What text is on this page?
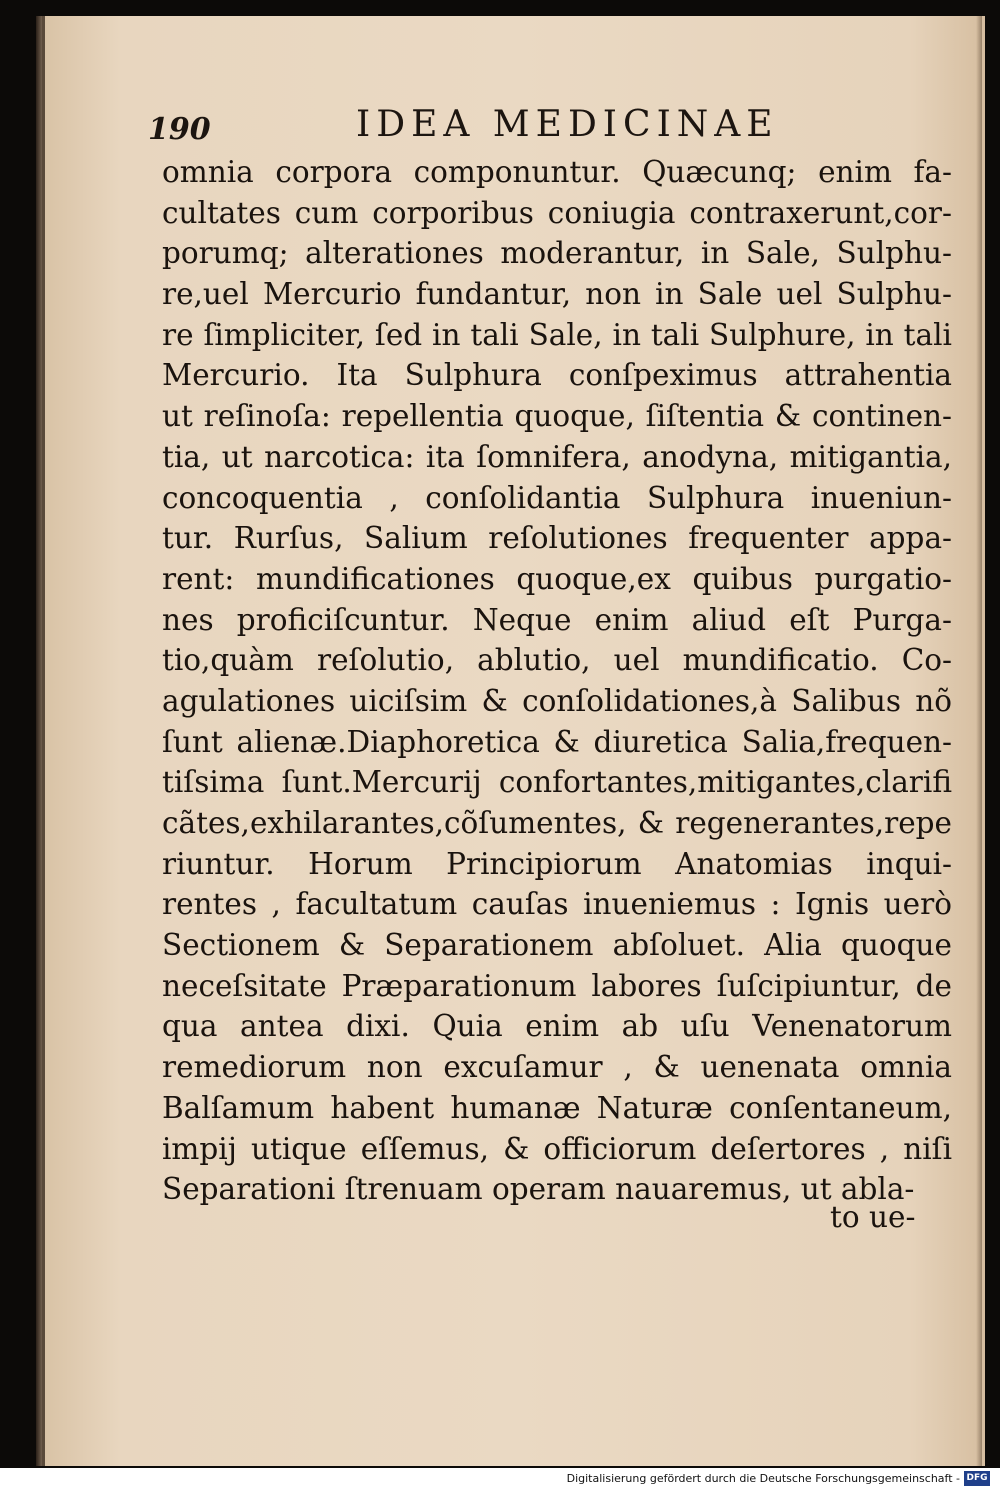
190	IDEA MEDICINAE
omnia corpora componuntur. Quæcunq; enim fa-
cultates cum corporibus coniugia contraxerunt,cor-
porumq; alterationes moderantur, in Sale, Sulphu-
re,uel Mercurio fundantur, non in Sale uel Sulphu-
re ſimpliciter, ſed in tali Sale, in tali Sulphure, in tali
Mercurio. Ita Sulphura conſpeximus attrahentia
ut reſinoſa: repellentia quoque, ſiſtentia & continen-
tia, ut narcotica: ita ſomnifera, anodyna, mitigantia,
concoquentia , conſolidantia Sulphura inueniun-
tur. Rurſus, Salium reſolutiones frequenter appa-
rent: mundificationes quoque,ex quibus purgatio-
nes proficiſcuntur. Neque enim aliud eſt Purga-
tio,quàm reſolutio, ablutio, uel mundificatio. Co-
agulationes uiciſsim & conſolidationes,à Salibus nõ
ſunt alienæ.Diaphoretica & diuretica Salia,frequen-
tiſsima ſunt.Mercurij confortantes,mitigantes,clarifi
cãtes,exhilarantes,cõſumentes, & regenerantes,repe
riuntur. Horum Principiorum Anatomias inqui-
rentes , facultatum cauſas inueniemus : Ignis uerò
Sectionem & Separationem abſoluet. Alia quoque
neceſsitate Præparationum labores ſuſcipiuntur, de
qua antea dixi. Quia enim ab uſu Venenatorum
remediorum non excuſamur , & uenenata omnia
Balſamum habent humanæ Naturæ conſentaneum,
impij utique eſſemus, & officiorum deſertores , niſi
Separationi ſtrenuam operam nauaremus, ut abla-
to ue-
Digitalisierung gefördert durch die Deutsche Forschungsgemeinschaft - DFG
